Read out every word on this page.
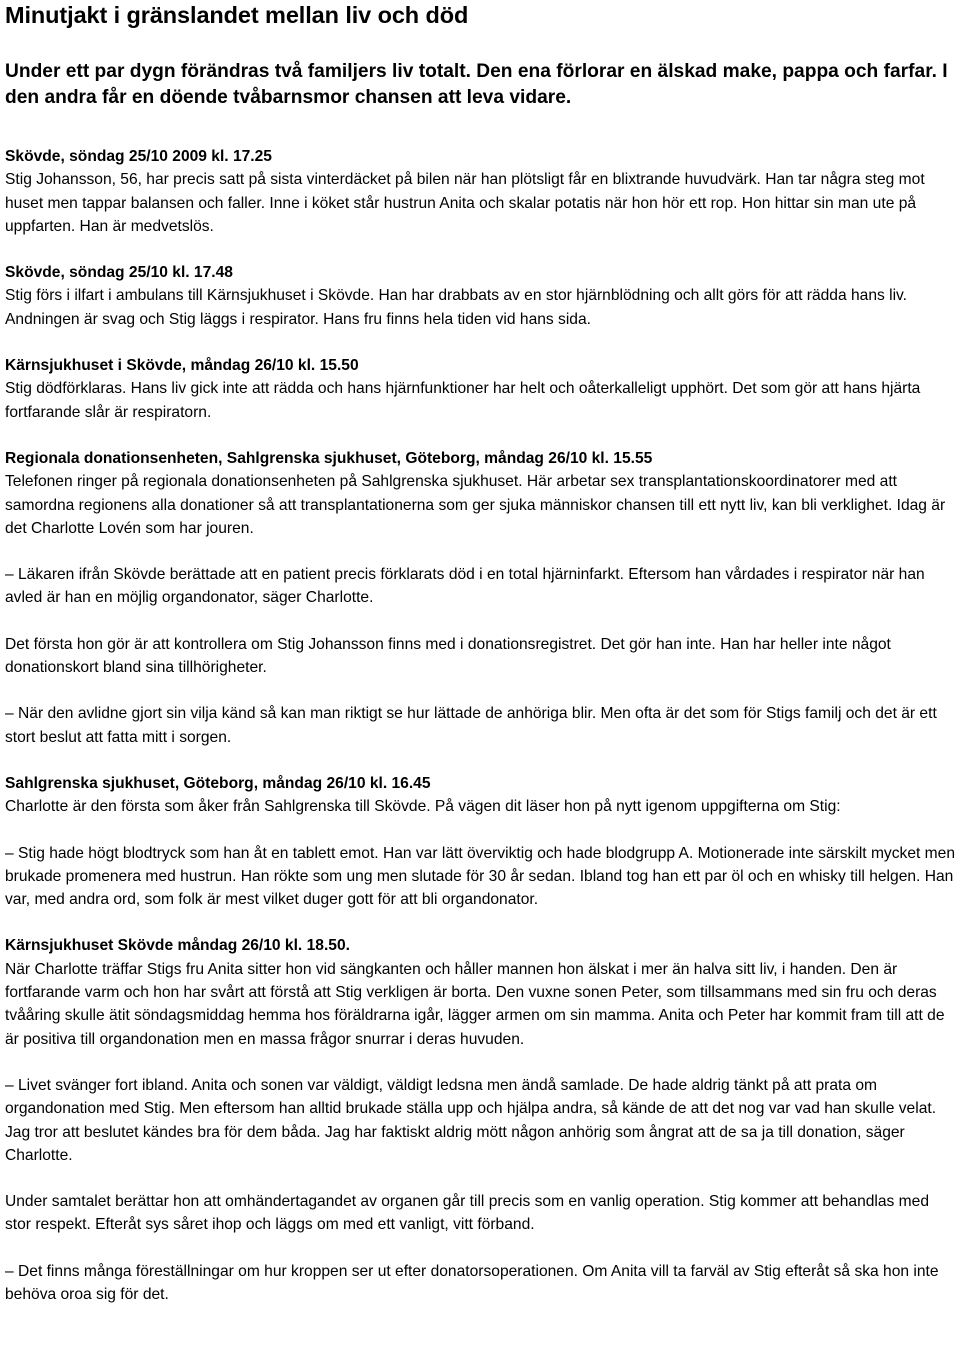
Minutjakt i gränslandet mellan liv och död

Under ett par dygn förändras två familjers liv totalt. Den ena förlorar en älskad make, pappa och farfar. I den andra får en döende tvåbarnsmor chansen att leva vidare.

Skövde, söndag 25/10 2009 kl. 17.25

Stig Johansson, 56, har precis satt på sista vinterdäcket på bilen när han plötsligt får en blixtrande huvudvärk. Han tar några steg mot huset men tappar balansen och faller. Inne i köket står hustrun Anita och skalar potatis när hon hör ett rop. Hon hittar sin man ute på uppfarten. Han är medvetslös.

Skövde, söndag 25/10 kl. 17.48

Stig förs i ilfart i ambulans till Kärnsjukhuset i Skövde. Han har drabbats av en stor hjärnblödning och allt görs för att rädda hans liv. Andningen är svag och Stig läggs i respirator. Hans fru finns hela tiden vid hans sida.

Kärnsjukhuset i Skövde, måndag 26/10 kl. 15.50

Stig dödförklaras. Hans liv gick inte att rädda och hans hjärnfunktioner har helt och oåterkalleligt upphört. Det som gör att hans hjärta fortfarande slår är respiratorn.

Regionala donationsenheten, Sahlgrenska sjukhuset, Göteborg, måndag 26/10 kl. 15.55

Telefonen ringer på regionala donationsenheten på Sahlgrenska sjukhuset. Här arbetar sex transplantationskoordinatorer med att samordna regionens alla donationer så att transplantationerna som ger sjuka människor chansen till ett nytt liv, kan bli verklighet. Idag är det Charlotte Lovén som har jouren.

– Läkaren ifrån Skövde berättade att en patient precis förklarats död i en total hjärninfarkt. Eftersom han vårdades i respirator när han avled är han en möjlig organdonator, säger Charlotte.

Det första hon gör är att kontrollera om Stig Johansson finns med i donationsregistret. Det gör han inte. Han har heller inte något donationskort bland sina tillhörigheter.

– När den avlidne gjort sin vilja känd så kan man riktigt se hur lättade de anhöriga blir. Men ofta är det som för Stigs familj och det är ett stort beslut att fatta mitt i sorgen.

Sahlgrenska sjukhuset, Göteborg, måndag 26/10 kl. 16.45

Charlotte är den första som åker från Sahlgrenska till Skövde. På vägen dit läser hon på nytt igenom uppgifterna om Stig:

– Stig hade högt blodtryck som han åt en tablett emot. Han var lätt överviktig och hade blodgrupp A. Motionerade inte särskilt mycket men brukade promenera med hustrun. Han rökte som ung men slutade för 30 år sedan. Ibland tog han ett par öl och en whisky till helgen. Han var, med andra ord, som folk är mest vilket duger gott för att bli organdonator.

Kärnsjukhuset Skövde måndag 26/10 kl. 18.50.

När Charlotte träffar Stigs fru Anita sitter hon vid sängkanten och håller mannen hon älskat i mer än halva sitt liv, i handen. Den är fortfarande varm och hon har svårt att förstå att Stig verkligen är borta. Den vuxne sonen Peter, som tillsammans med sin fru och deras tvååring skulle ätit söndagsmiddag hemma hos föräldrarna igår, lägger armen om sin mamma. Anita och Peter har kommit fram till att de är positiva till organdonation men en massa frågor snurrar i deras huvuden.

– Livet svänger fort ibland. Anita och sonen var väldigt, väldigt ledsna men ändå samlade. De hade aldrig tänkt på att prata om organdonation med Stig. Men eftersom han alltid brukade ställa upp och hjälpa andra, så kände de att det nog var vad han skulle velat. Jag tror att beslutet kändes bra för dem båda. Jag har faktiskt aldrig mött någon anhörig som ångrat att de sa ja till donation, säger Charlotte.

Under samtalet berättar hon att omhändertagandet av organen går till precis som en vanlig operation. Stig kommer att behandlas med stor respekt. Efteråt sys såret ihop och läggs om med ett vanligt, vitt förband.

– Det finns många föreställningar om hur kroppen ser ut efter donatorsoperationen. Om Anita vill ta farväl av Stig efteråt så ska hon inte behöva oroa sig för det.
